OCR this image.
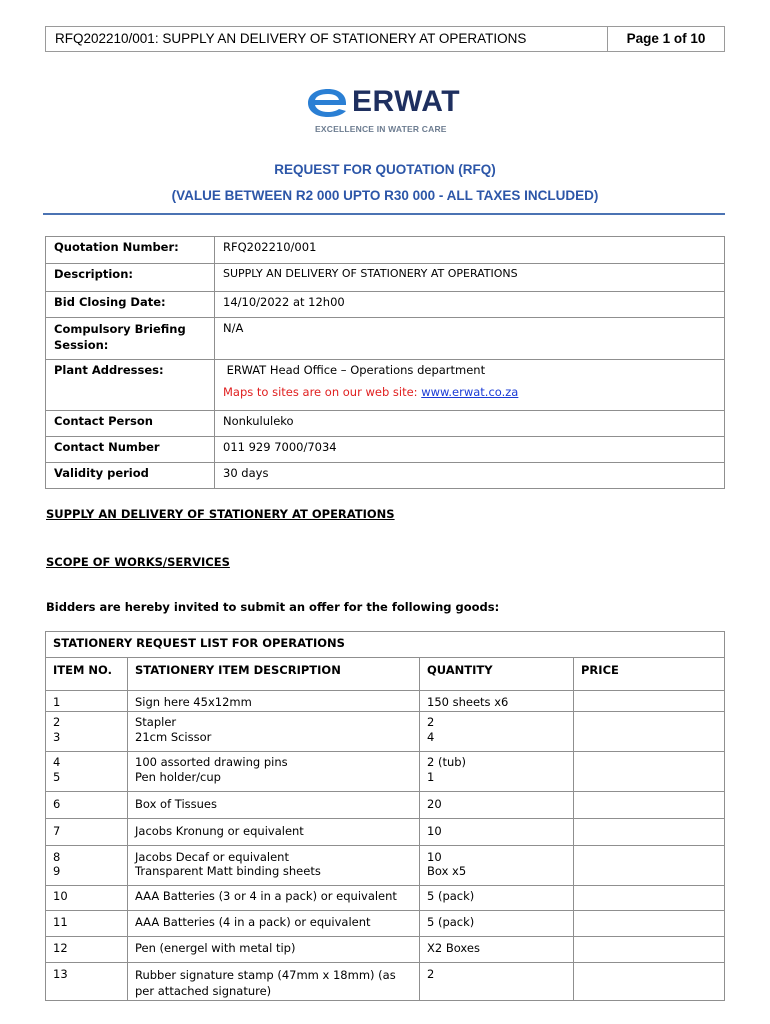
RFQ202210/001: SUPPLY AN DELIVERY OF STATIONERY AT OPERATIONS	Page 1 of 10
ERWAT
EXCELLENCE IN WATER CARE
REQUEST FOR QUOTATION (RFQ)
(VALUE BETWEEN R2 000 UPTO R30 000 - ALL TAXES INCLUDED)
Quotation Number:	RFQ202210/001
Description:	SUPPLY AN DELIVERY OF STATIONERY AT OPERATIONS
Bid Closing Date:	14/10/2022 at 12h00
Compulsory Briefing Session:	N/A
Plant Addresses:	ERWAT Head Office – Operations department
Maps to sites are on our web site: www.erwat.co.za

Contact Person	Nonkululeko
Contact Number	011 929 7000/7034
Validity period	30 days
SUPPLY AN DELIVERY OF STATIONERY AT OPERATIONS
SCOPE OF WORKS/SERVICES
Bidders are hereby invited to submit an offer for the following goods:
STATIONERY REQUEST LIST FOR OPERATIONS			
ITEM NO.	STATIONERY ITEM DESCRIPTION	QUANTITY	PRICE
1	Sign here 45x12mm	150 sheets x6	
2	Stapler	2	
3	21cm Scissor	4	
4	100 assorted drawing pins	2 (tub)	
5	Pen holder/cup	1	
6	Box of Tissues	20	
7	Jacobs Kronung or equivalent	10	
8	Jacobs Decaf or equivalent	10	
9	Transparent Matt binding sheets	Box x5	
10	AAA Batteries (3 or 4 in a pack) or equivalent	5 (pack)	
11	AAA Batteries (4 in a pack) or equivalent	5 (pack)	
12	Pen (energel with metal tip)	X2 Boxes	
13	Rubber signature stamp (47mm x 18mm) (as per attached signature)	2	
